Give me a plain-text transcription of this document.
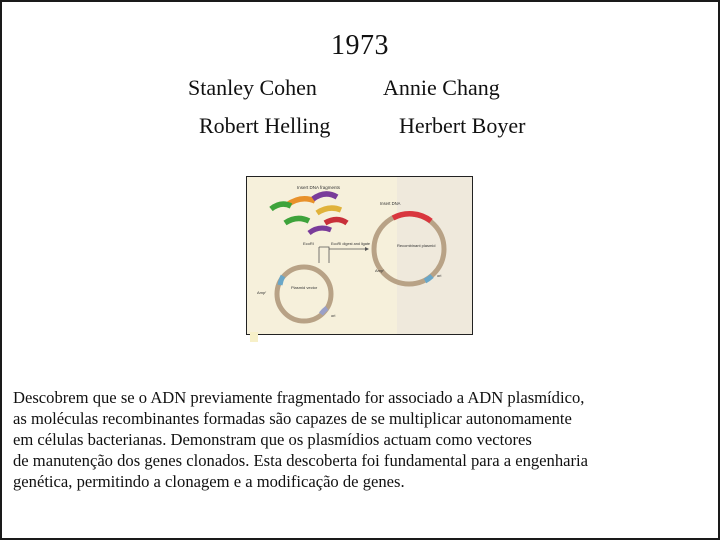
1973
Stanley Cohen	Annie Chang
Robert Helling	Herbert Boyer
Insert DNA fragments
EcoRI	EcoRI digest and ligate
Plasmid vector
Ampʳ
ori
Insert DNA
Recombinant plasmid
Ampʳ
ori
Descobrem que se o ADN previamente fragmentado for associado a ADN plasmídico,
as moléculas recombinantes formadas são capazes de se multiplicar autonomamente
em células bacterianas. Demonstram que os plasmídios actuam como vectores
de manutenção dos genes clonados. Esta descoberta foi fundamental para a engenharia
genética, permitindo a clonagem e a modificação de genes.
